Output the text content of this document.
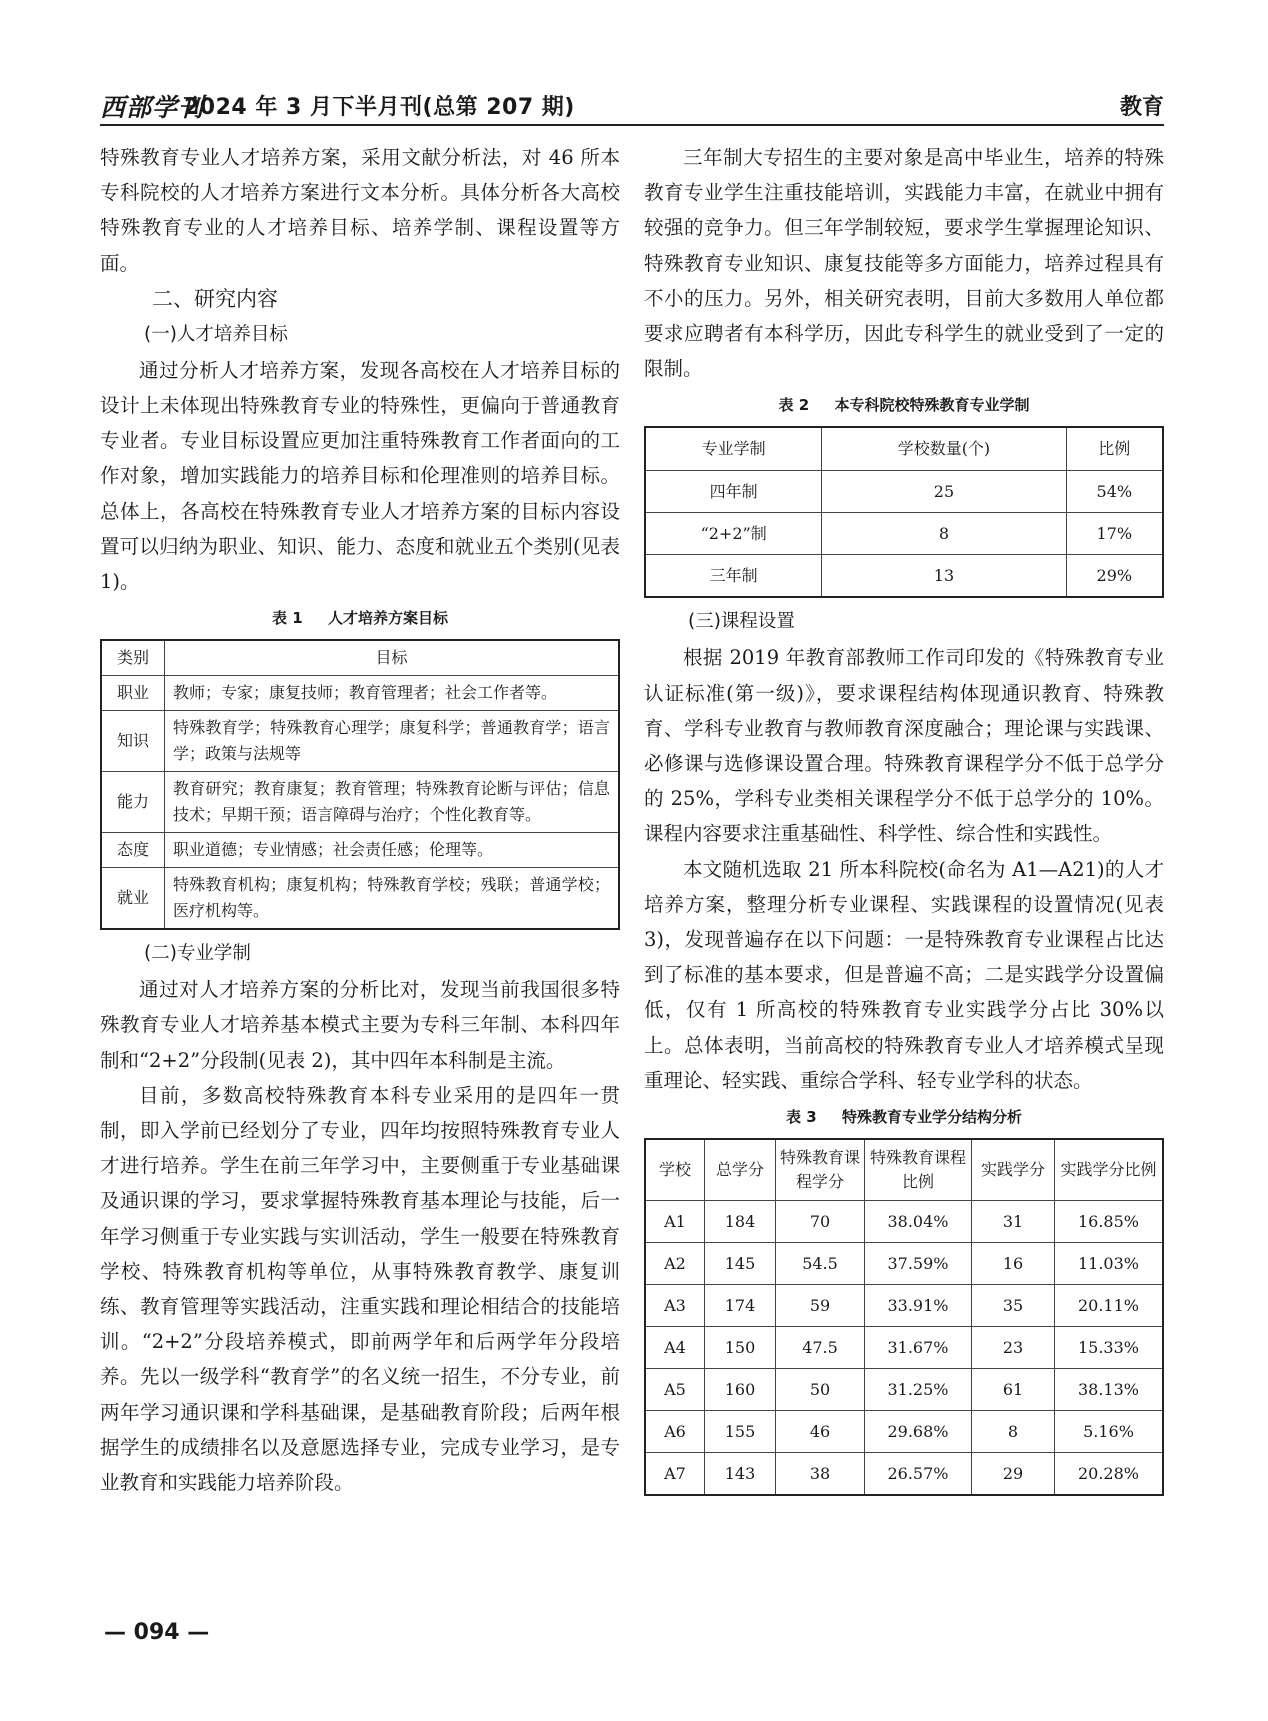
西部学刊
2024 年 3 月下半月刊(总第 207 期)	教育

特殊教育专业人才培养方案，采用文献分析法，对 46 所本专科院校的人才培养方案进行文本分析。具体分析各大高校特殊教育专业的人才培养目标、培养学制、课程设置等方面。

二、研究内容
(一)人才培养目标

通过分析人才培养方案，发现各高校在人才培养目标的设计上未体现出特殊教育专业的特殊性，更偏向于普通教育专业者。专业目标设置应更加注重特殊教育工作者面向的工作对象，增加实践能力的培养目标和伦理准则的培养目标。总体上，各高校在特殊教育专业人才培养方案的目标内容设置可以归纳为职业、知识、能力、态度和就业五个类别(见表 1)。

表 1 人才培养方案目标
类别	目标
职业	教师；专家；康复技师；教育管理者；社会工作者等。
知识	特殊教育学；特殊教育心理学；康复科学；普通教育学；语言学；政策与法规等
能力	教育研究；教育康复；教育管理；特殊教育论断与评估；信息技术；早期干预；语言障碍与治疗；个性化教育等。
态度	职业道德；专业情感；社会责任感；伦理等。
就业	特殊教育机构；康复机构；特殊教育学校；残联；普通学校；医疗机构等。
(二)专业学制

通过对人才培养方案的分析比对，发现当前我国很多特殊教育专业人才培养基本模式主要为专科三年制、本科四年制和“2+2”分段制(见表 2)，其中四年本科制是主流。

目前，多数高校特殊教育本科专业采用的是四年一贯制，即入学前已经划分了专业，四年均按照特殊教育专业人才进行培养。学生在前三年学习中，主要侧重于专业基础课及通识课的学习，要求掌握特殊教育基本理论与技能，后一年学习侧重于专业实践与实训活动，学生一般要在特殊教育学校、特殊教育机构等单位，从事特殊教育教学、康复训练、教育管理等实践活动，注重实践和理论相结合的技能培训。“2+2”分段培养模式，即前两学年和后两学年分段培养。先以一级学科“教育学”的名义统一招生，不分专业，前两年学习通识课和学科基础课，是基础教育阶段；后两年根据学生的成绩排名以及意愿选择专业，完成专业学习，是专业教育和实践能力培养阶段。

三年制大专招生的主要对象是高中毕业生，培养的特殊教育专业学生注重技能培训，实践能力丰富，在就业中拥有较强的竞争力。但三年学制较短，要求学生掌握理论知识、特殊教育专业知识、康复技能等多方面能力，培养过程具有不小的压力。另外，相关研究表明，目前大多数用人单位都要求应聘者有本科学历，因此专科学生的就业受到了一定的限制。

表 2 本专科院校特殊教育专业学制
专业学制	学校数量(个)	比例
四年制	25	54%
“2+2”制	8	17%
三年制	13	29%
(三)课程设置

根据 2019 年教育部教师工作司印发的《特殊教育专业认证标准(第一级)》，要求课程结构体现通识教育、特殊教育、学科专业教育与教师教育深度融合；理论课与实践课、必修课与选修课设置合理。特殊教育课程学分不低于总学分的 25%，学科专业类相关课程学分不低于总学分的 10%。课程内容要求注重基础性、科学性、综合性和实践性。

本文随机选取 21 所本科院校(命名为 A1—A21)的人才培养方案，整理分析专业课程、实践课程的设置情况(见表 3)，发现普遍存在以下问题：一是特殊教育专业课程占比达到了标准的基本要求，但是普遍不高；二是实践学分设置偏低，仅有 1 所高校的特殊教育专业实践学分占比 30%以上。总体表明，当前高校的特殊教育专业人才培养模式呈现重理论、轻实践、重综合学科、轻专业学科的状态。

表 3 特殊教育专业学分结构分析
学校	总学分	特殊教育课程学分	特殊教育课程比例	实践学分	实践学分比例
A1	184	70	38.04%	31	16.85%
A2	145	54.5	37.59%	16	11.03%
A3	174	59	33.91%	35	20.11%
A4	150	47.5	31.67%	23	15.33%
A5	160	50	31.25%	61	38.13%
A6	155	46	29.68%	8	5.16%
A7	143	38	26.57%	29	20.28%
— 094 —
